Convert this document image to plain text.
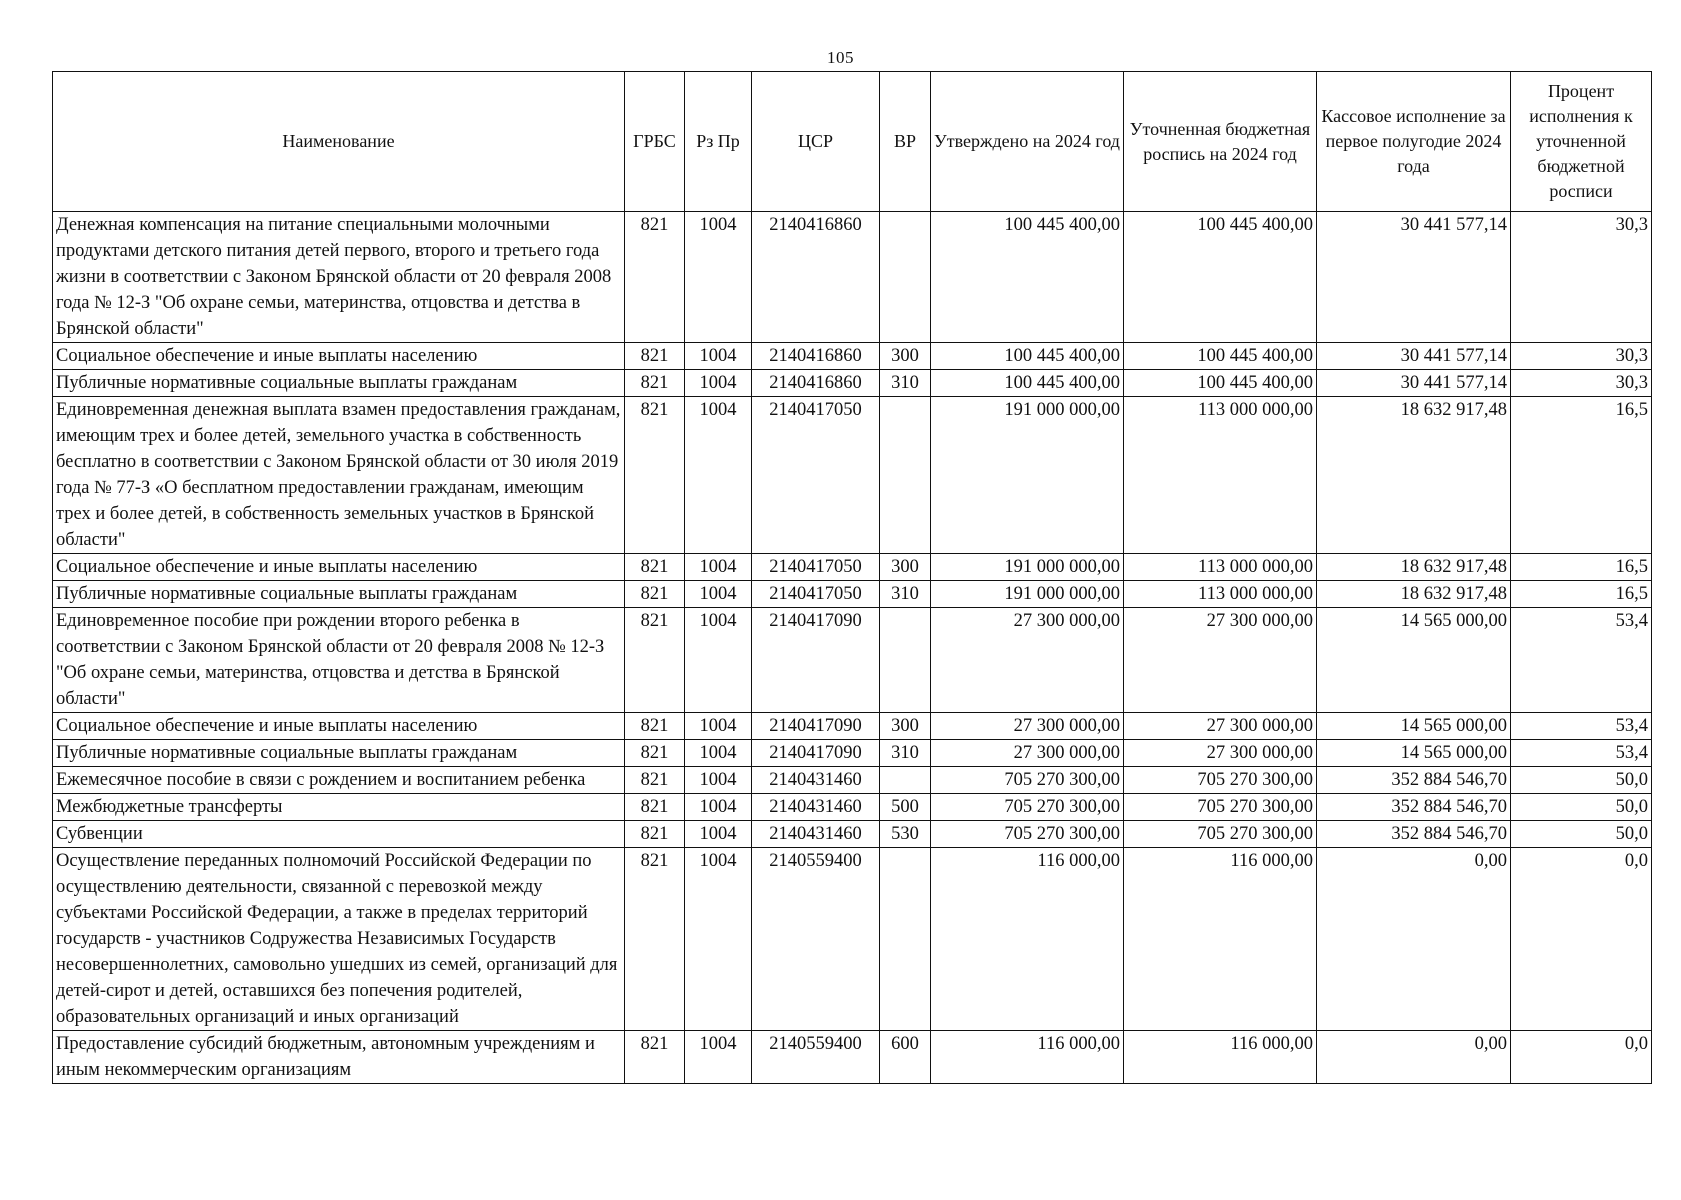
105
Наименование	ГРБС	Рз Пр	ЦСР	ВР	Утверждено на 2024 год	Уточненная бюджетная роспись на 2024 год	Кассовое исполнение за первое полугодие 2024 года	Процент исполнения к уточненной бюджетной росписи
Денежная компенсация на питание специальными молочными продуктами детского питания детей первого, второго и третьего года жизни в соответствии с Законом Брянской области от 20 февраля 2008 года № 12-З "Об охране семьи, материнства, отцовства и детства в Брянской области"	821	1004	2140416860		100 445 400,00	100 445 400,00	30 441 577,14	30,3
Социальное обеспечение и иные выплаты населению	821	1004	2140416860	300	100 445 400,00	100 445 400,00	30 441 577,14	30,3
Публичные нормативные социальные выплаты гражданам	821	1004	2140416860	310	100 445 400,00	100 445 400,00	30 441 577,14	30,3
Единовременная денежная выплата взамен предоставления гражданам, имеющим трех и более детей, земельного участка в собственность бесплатно в соответствии с Законом Брянской области от 30 июля 2019 года № 77-З «О бесплатном предоставлении гражданам, имеющим трех и более детей, в собственность земельных участков в Брянской области"	821	1004	2140417050		191 000 000,00	113 000 000,00	18 632 917,48	16,5
Социальное обеспечение и иные выплаты населению	821	1004	2140417050	300	191 000 000,00	113 000 000,00	18 632 917,48	16,5
Публичные нормативные социальные выплаты гражданам	821	1004	2140417050	310	191 000 000,00	113 000 000,00	18 632 917,48	16,5
Единовременное пособие при рождении второго ребенка в соответствии с Законом Брянской области от 20 февраля 2008 № 12-З "Об охране семьи, материнства, отцовства и детства в Брянской области"	821	1004	2140417090		27 300 000,00	27 300 000,00	14 565 000,00	53,4
Социальное обеспечение и иные выплаты населению	821	1004	2140417090	300	27 300 000,00	27 300 000,00	14 565 000,00	53,4
Публичные нормативные социальные выплаты гражданам	821	1004	2140417090	310	27 300 000,00	27 300 000,00	14 565 000,00	53,4
Ежемесячное пособие в связи с рождением и воспитанием ребенка	821	1004	2140431460		705 270 300,00	705 270 300,00	352 884 546,70	50,0
Межбюджетные трансферты	821	1004	2140431460	500	705 270 300,00	705 270 300,00	352 884 546,70	50,0
Субвенции	821	1004	2140431460	530	705 270 300,00	705 270 300,00	352 884 546,70	50,0
Осуществление переданных полномочий Российской Федерации по осуществлению деятельности, связанной с перевозкой между субъектами Российской Федерации, а также в пределах территорий государств - участников Содружества Независимых Государств несовершеннолетних, самовольно ушедших из семей, организаций для детей-сирот и детей, оставшихся без попечения родителей, образовательных организаций и иных организаций	821	1004	2140559400		116 000,00	116 000,00	0,00	0,0
Предоставление субсидий бюджетным, автономным учреждениям и иным некоммерческим организациям	821	1004	2140559400	600	116 000,00	116 000,00	0,00	0,0
